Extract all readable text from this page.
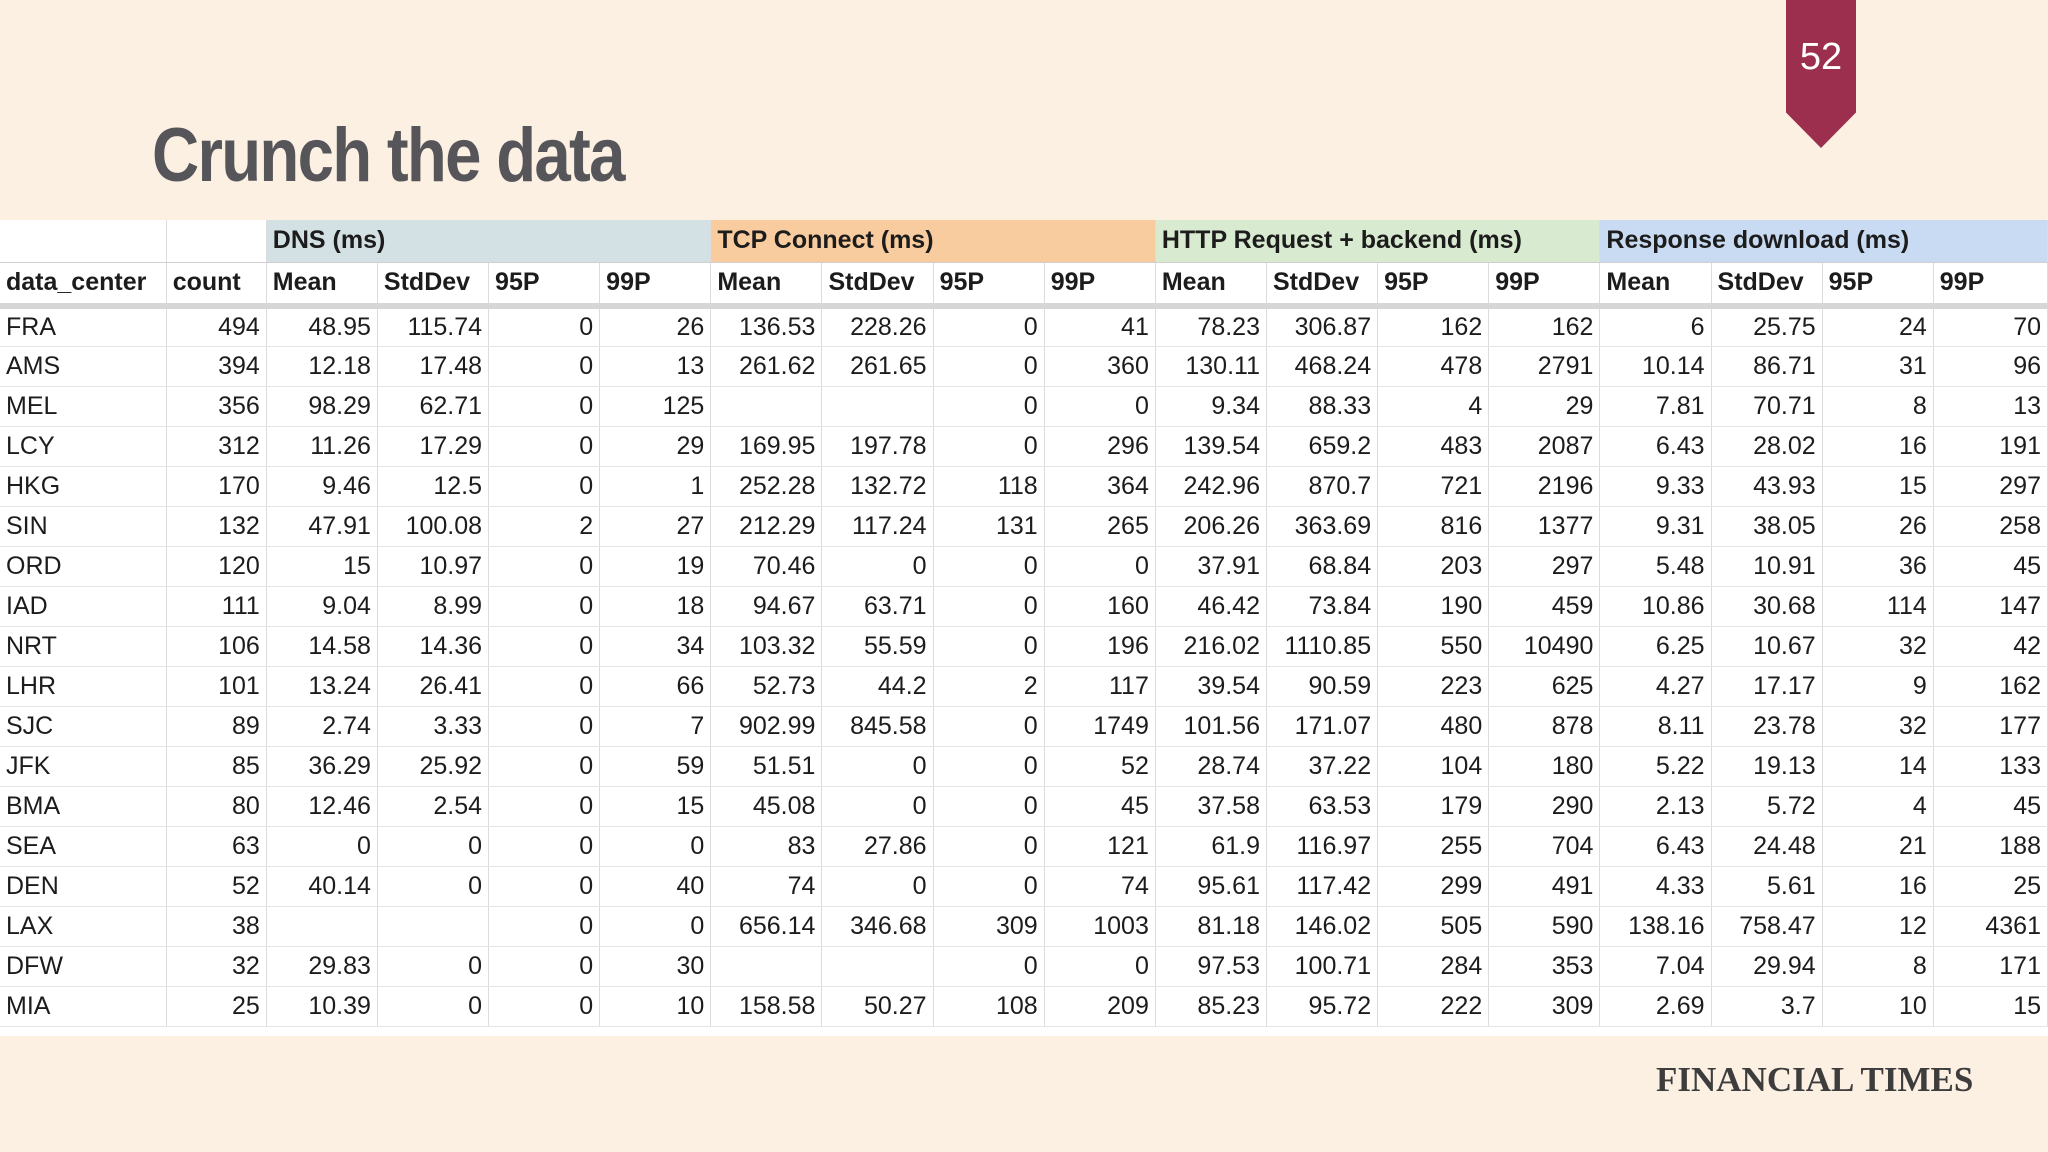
52
Crunch the data
		DNS (ms)				TCP Connect (ms)				HTTP Request + backend (ms)				Response download (ms)			
data_center	count	Mean	StdDev	95P	99P	Mean	StdDev	95P	99P	Mean	StdDev	95P	99P	Mean	StdDev	95P	99P
FRA	494	48.95	115.74	0	26	136.53	228.26	0	41	78.23	306.87	162	162	6	25.75	24	70
AMS	394	12.18	17.48	0	13	261.62	261.65	0	360	130.11	468.24	478	2791	10.14	86.71	31	96
MEL	356	98.29	62.71	0	125			0	0	9.34	88.33	4	29	7.81	70.71	8	13
LCY	312	11.26	17.29	0	29	169.95	197.78	0	296	139.54	659.2	483	2087	6.43	28.02	16	191
HKG	170	9.46	12.5	0	1	252.28	132.72	118	364	242.96	870.7	721	2196	9.33	43.93	15	297
SIN	132	47.91	100.08	2	27	212.29	117.24	131	265	206.26	363.69	816	1377	9.31	38.05	26	258
ORD	120	15	10.97	0	19	70.46	0	0	0	37.91	68.84	203	297	5.48	10.91	36	45
IAD	111	9.04	8.99	0	18	94.67	63.71	0	160	46.42	73.84	190	459	10.86	30.68	114	147
NRT	106	14.58	14.36	0	34	103.32	55.59	0	196	216.02	1110.85	550	10490	6.25	10.67	32	42
LHR	101	13.24	26.41	0	66	52.73	44.2	2	117	39.54	90.59	223	625	4.27	17.17	9	162
SJC	89	2.74	3.33	0	7	902.99	845.58	0	1749	101.56	171.07	480	878	8.11	23.78	32	177
JFK	85	36.29	25.92	0	59	51.51	0	0	52	28.74	37.22	104	180	5.22	19.13	14	133
BMA	80	12.46	2.54	0	15	45.08	0	0	45	37.58	63.53	179	290	2.13	5.72	4	45
SEA	63	0	0	0	0	83	27.86	0	121	61.9	116.97	255	704	6.43	24.48	21	188
DEN	52	40.14	0	0	40	74	0	0	74	95.61	117.42	299	491	4.33	5.61	16	25
LAX	38			0	0	656.14	346.68	309	1003	81.18	146.02	505	590	138.16	758.47	12	4361
DFW	32	29.83	0	0	30			0	0	97.53	100.71	284	353	7.04	29.94	8	171
MIA	25	10.39	0	0	10	158.58	50.27	108	209	85.23	95.72	222	309	2.69	3.7	10	15
FINANCIAL TIMES
